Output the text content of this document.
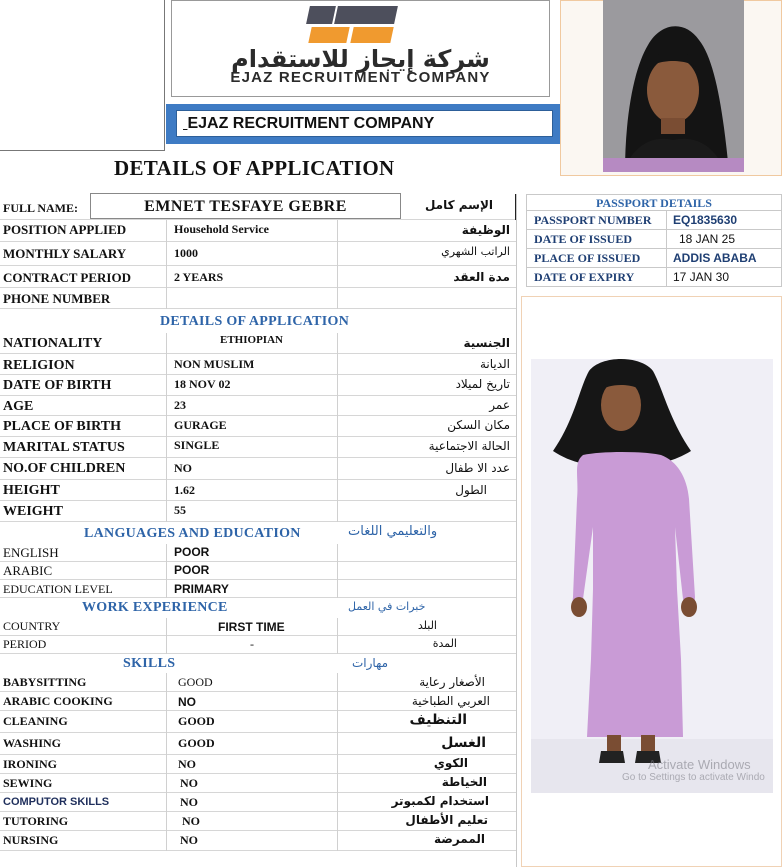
شركة إيجاز للاستقدام
EJAZ RECRUITMENT COMPANY
EJAZ RECRUITMENT COMPANY
DETAILS OF APPLICATION
EMNET TESFAYE GEBRE
FULL NAME:	الإسم كامل
POSITION APPLIED	Household Service	الوظيفة
MONTHLY SALARY	1000	الراتب الشهري
CONTRACT PERIOD	2 YEARS	مدة العقد
PHONE NUMBER
DETAILS OF APPLICATION
NATIONALITY	ETHIOPIAN	الجنسية
RELIGION	NON MUSLIM	الديانة
DATE OF BIRTH	18 NOV 02	تاريخ لميلاد
AGE	23	عمر
PLACE OF BIRTH	GURAGE	مكان السكن
MARITAL STATUS	SINGLE	الحالة الاجتماعية
NO.OF CHILDREN	NO	عدد الا طفال
HEIGHT	1.62	الطول
WEIGHT	55
LANGUAGES AND EDUCATION	والتعليمي اللغات
ENGLISH	POOR
ARABIC	POOR
EDUCATION LEVEL	PRIMARY
WORK EXPERIENCE	خبرات في العمل
COUNTRY	FIRST TIME	البلد
PERIOD	-	المدة
SKILLS	مهارات
BABYSITTING	GOOD	الأصغار رعاية
ARABIC COOKING	NO	العربي الطباخية
CLEANING	GOOD	التنظيف
WASHING	GOOD	الغسل
IRONING	NO	الكوي
SEWING	NO	الخياطة
COMPUTOR SKILLS	NO	استخدام لكمبوتر
TUTORING	NO	تعليم الأطفال
NURSING	NO	الممرضة
PASSPORT DETAILS
PASSPORT NUMBER EQ1835630
DATE OF ISSUED	18 JAN 25
PLACE OF ISSUED	ADDIS ABABA
DATE OF EXPIRY	17 JAN 30
Activate Windows
Go to Settings to activate Windo
